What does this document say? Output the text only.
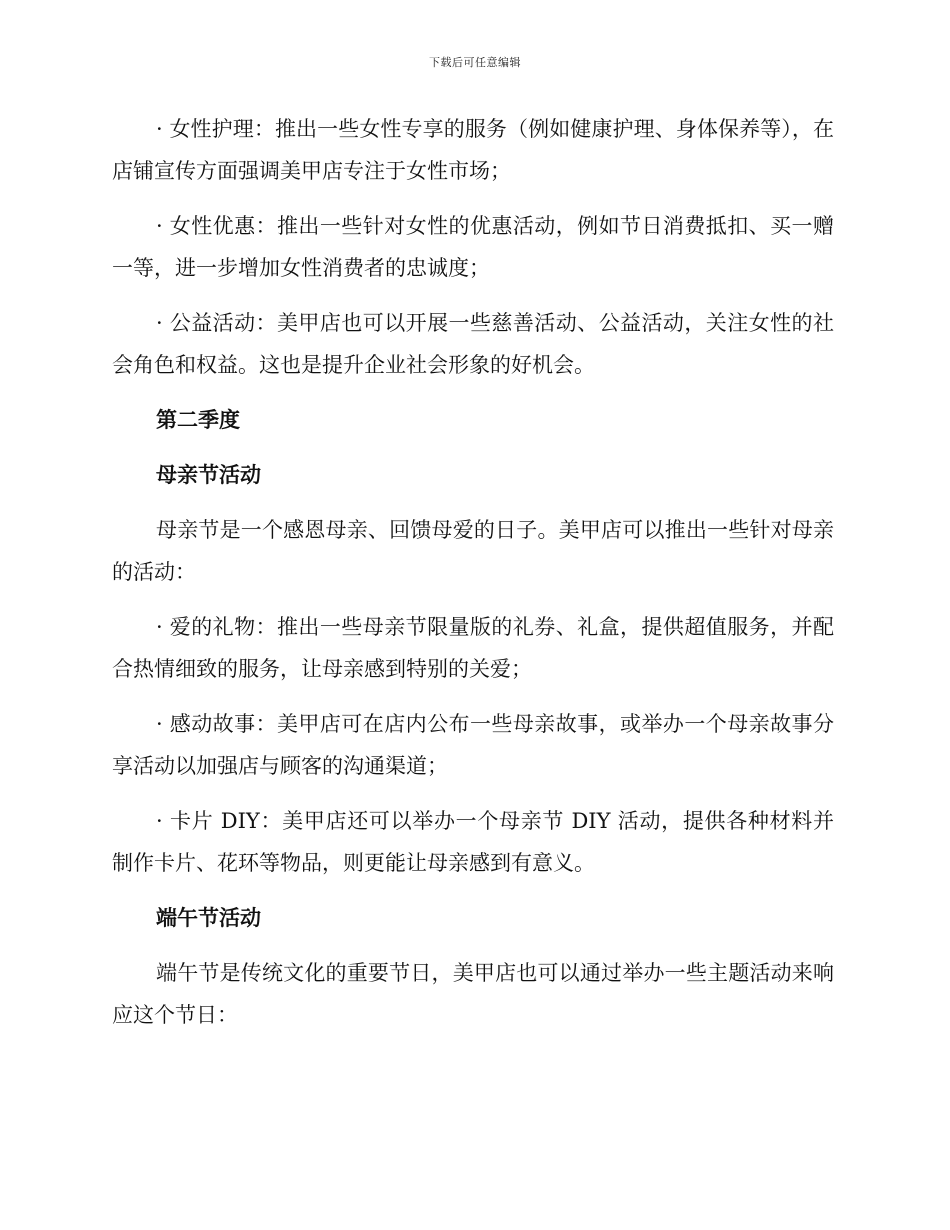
下载后可任意编辑

· 女性护理：推出一些女性专享的服务（例如健康护理、身体保养等），在店铺宣传方面强调美甲店专注于女性市场；

· 女性优惠：推出一些针对女性的优惠活动，例如节日消费抵扣、买一赠一等，进一步增加女性消费者的忠诚度；

· 公益活动：美甲店也可以开展一些慈善活动、公益活动，关注女性的社会角色和权益。这也是提升企业社会形象的好机会。

第二季度

母亲节活动

母亲节是一个感恩母亲、回馈母爱的日子。美甲店可以推出一些针对母亲的活动：

· 爱的礼物：推出一些母亲节限量版的礼券、礼盒，提供超值服务，并配合热情细致的服务，让母亲感到特别的关爱；

· 感动故事：美甲店可在店内公布一些母亲故事，或举办一个母亲故事分享活动以加强店与顾客的沟通渠道；

· 卡片 DIY：美甲店还可以举办一个母亲节 DIY 活动，提供各种材料并制作卡片、花环等物品，则更能让母亲感到有意义。

端午节活动

端午节是传统文化的重要节日，美甲店也可以通过举办一些主题活动来响应这个节日：
